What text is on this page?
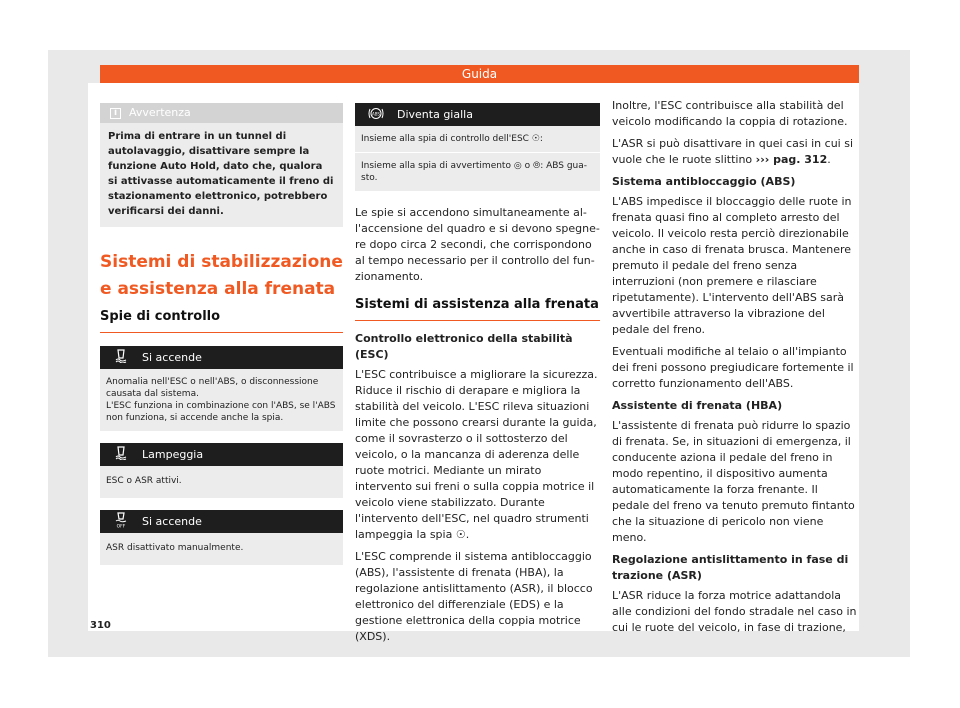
Guida
i	Avvertenza
Prima di entrare in un tunnel di autolavaggio, disattivare sempre la funzione Auto Hold, dato che, qualora si attivasse automaticamente il freno di stazionamento elettronico, potrebbero verificarsi dei danni.
Sistemi di stabilizzazione e assistenza alla frenata
Spie di controllo
Si accende
Anomalia nell'ESC o nell'ABS, o disconnessione causata dal sistema.
L'ESC funziona in combinazione con l'ABS, se l'ABS non funziona, si accende anche la spia.
Lampeggia
ESC o ASR attivi.
OFF Si accende
ASR disattivato manualmente.
ABS Diventa gialla
Insieme alla spia di controllo dell'ESC ☉:
Insieme alla spia di avvertimento ◎ o ⦾: ABS guasto.

Le spie si accendono simultaneamente all'accensione del quadro e si devono spegnere dopo circa 2 secondi, che corrispondono al tempo necessario per il controllo del funzionamento.

Sistemi di assistenza alla frenata

Controllo elettronico della stabilità (ESC)

L'ESC contribuisce a migliorare la sicurezza. Riduce il rischio di derapare e migliora la stabilità del veicolo. L'ESC rileva situazioni limite che possono crearsi durante la guida, come il sovrasterzo o il sottosterzo del veicolo, o la mancanza di aderenza delle ruote motrici. Mediante un mirato intervento sui freni o sulla coppia motrice il veicolo viene stabilizzato. Durante l'intervento dell'ESC, nel quadro strumenti lampeggia la spia ☉.

L'ESC comprende il sistema antibloccaggio (ABS), l'assistente di frenata (HBA), la regolazione antislittamento (ASR), il blocco elettronico del differenziale (EDS) e la gestione elettronica della coppia motrice (XDS).

Inoltre, l'ESC contribuisce alla stabilità del veicolo modificando la coppia di rotazione.

L'ASR si può disattivare in quei casi in cui si vuole che le ruote slittino ››› pag. 312.

Sistema antibloccaggio (ABS)

L'ABS impedisce il bloccaggio delle ruote in frenata quasi fino al completo arresto del veicolo. Il veicolo resta perciò direzionabile anche in caso di frenata brusca. Mantenere premuto il pedale del freno senza interruzioni (non premere e rilasciare ripetutamente). L'intervento dell'ABS sarà avvertibile attraverso la vibrazione del pedale del freno.

Eventuali modifiche al telaio o all'impianto dei freni possono pregiudicare fortemente il corretto funzionamento dell'ABS.

Assistente di frenata (HBA)

L'assistente di frenata può ridurre lo spazio di frenata. Se, in situazioni di emergenza, il conducente aziona il pedale del freno in modo repentino, il dispositivo aumenta automaticamente la forza frenante. Il pedale del freno va tenuto premuto fintanto che la situazione di pericolo non viene meno.

Regolazione antislittamento in fase di trazione (ASR)

L'ASR riduce la forza motrice adattandola alle condizioni del fondo stradale nel caso in cui le ruote del veicolo, in fase di trazione,

310
